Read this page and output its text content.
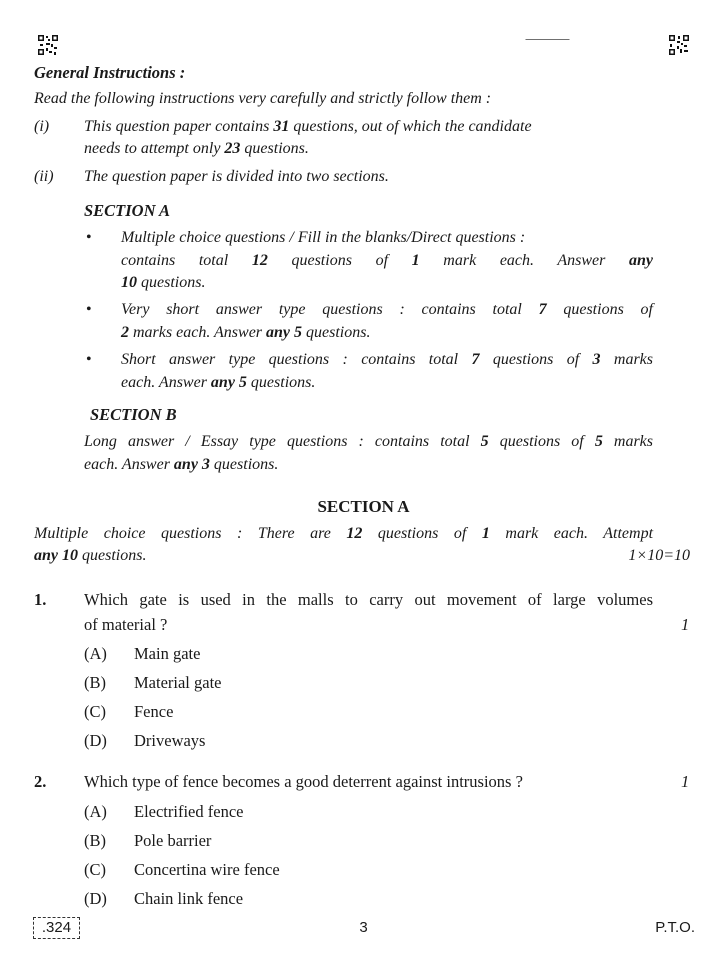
............................................
General Instructions :
Read the following instructions very carefully and strictly follow them :
(i) This question paper contains 31 questions, out of which the candidate
needs to attempt only 23 questions.
(ii) The question paper is divided into two sections.
SECTION A
• Multiple choice questions / Fill in the blanks/Direct questions :
contains total 12 questions of 1 mark each. Answer any
10 questions.
• Very short answer type questions : contains total 7 questions of
2 marks each. Answer any 5 questions.
• Short answer type questions : contains total 7 questions of 3 marks
each. Answer any 5 questions.
SECTION B
Long answer / Essay type questions : contains total 5 questions of 5 marks
each. Answer any 3 questions.
SECTION A
Multiple choice questions : There are 12 questions of 1 mark each. Attempt
any 10 questions.	1×10=10
1. Which gate is used in the malls to carry out movement of large volumes
of material ?	1
(A) Main gate
(B) Material gate
(C) Fence
(D) Driveways
2. Which type of fence becomes a good deterrent against intrusions ?	1
(A) Electrified fence
(B) Pole barrier
(C) Concertina wire fence
(D) Chain link fence
.324	3	P.T.O.
